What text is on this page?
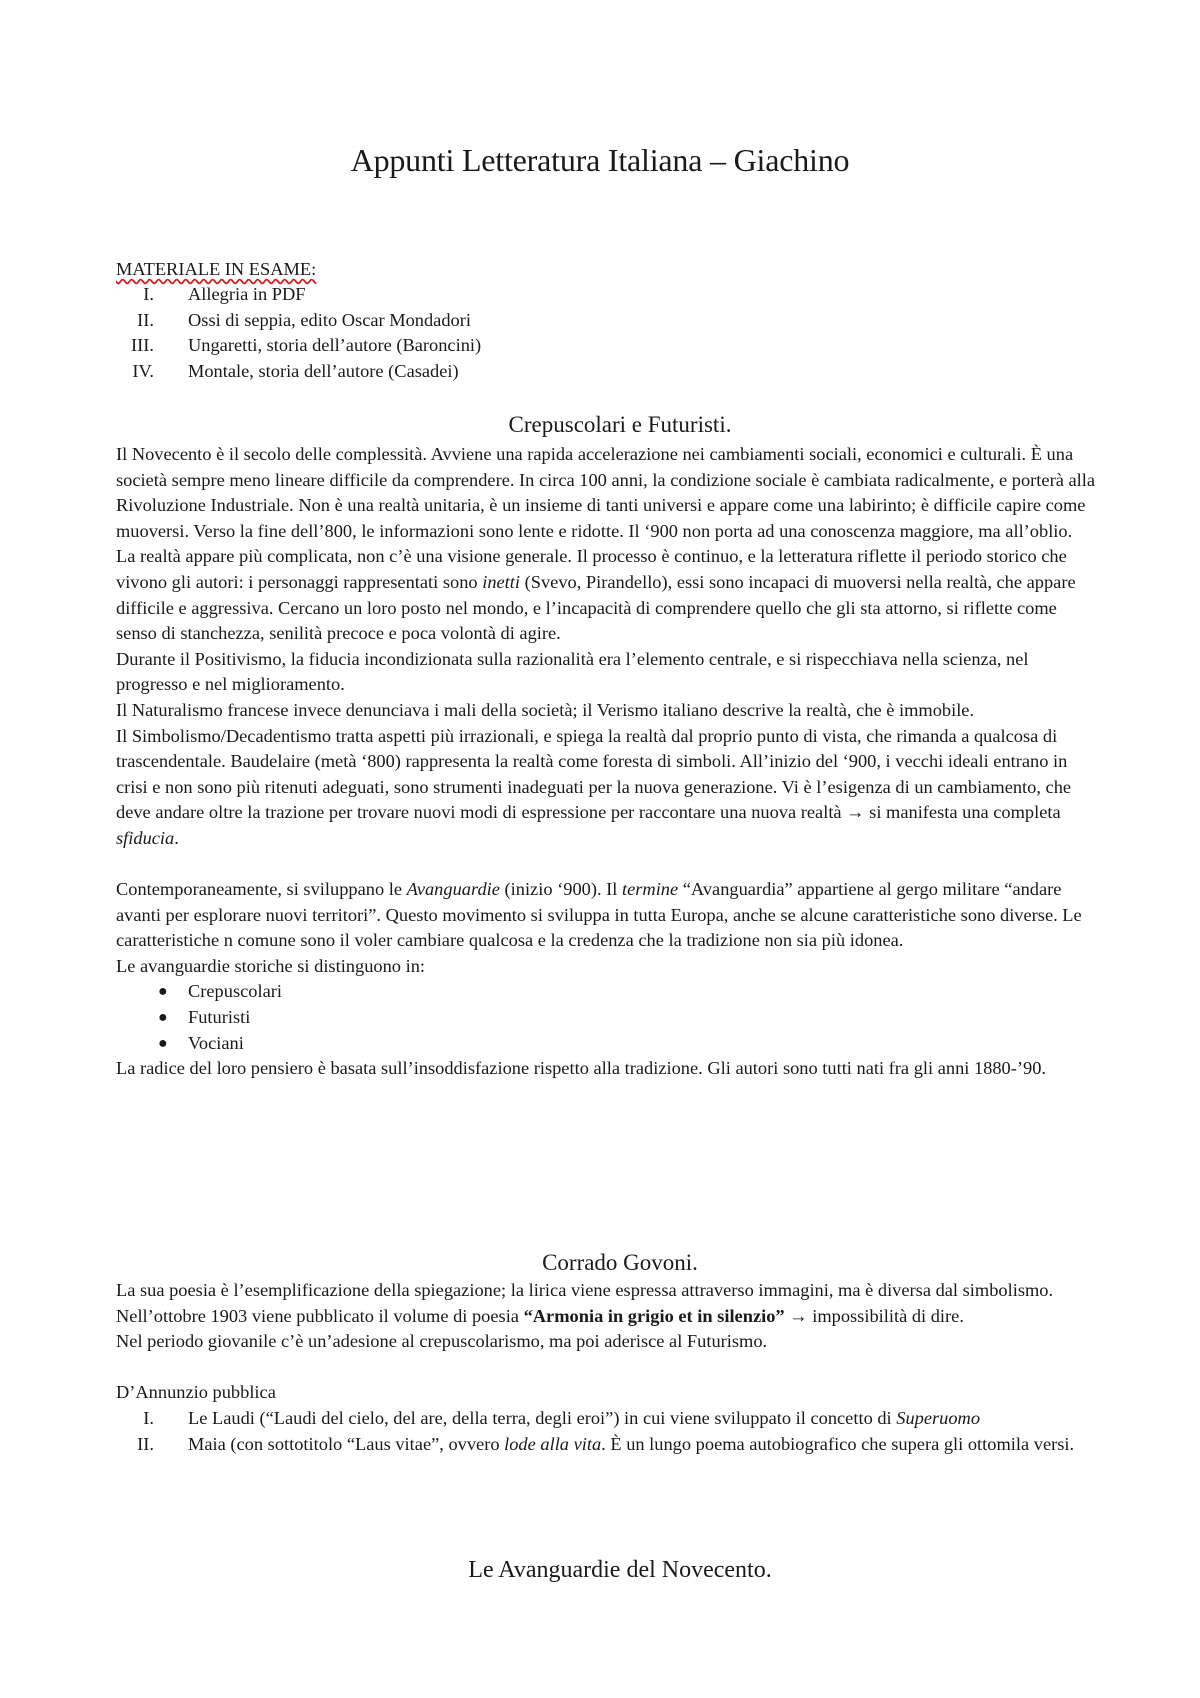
Appunti Letteratura Italiana – Giachino
MATERIALE IN ESAME:
I. Allegria in PDF
II. Ossi di seppia, edito Oscar Mondadori
III. Ungaretti, storia dell’autore (Baroncini)
IV. Montale, storia dell’autore (Casadei)
Crepuscolari e Futuristi.

Il Novecento è il secolo delle complessità. Avviene una rapida accelerazione nei cambiamenti sociali, economici e culturali. È una società sempre meno lineare difficile da comprendere. In circa 100 anni, la condizione sociale è cambiata radicalmente, e porterà alla Rivoluzione Industriale. Non è una realtà unitaria, è un insieme di tanti universi e appare come una labirinto; è difficile capire come muoversi. Verso la fine dell’800, le informazioni sono lente e ridotte. Il ‘900 non porta ad una conoscenza maggiore, ma all’oblio. La realtà appare più complicata, non c’è una visione generale. Il processo è continuo, e la letteratura riflette il periodo storico che vivono gli autori: i personaggi rappresentati sono inetti (Svevo, Pirandello), essi sono incapaci di muoversi nella realtà, che appare difficile e aggressiva. Cercano un loro posto nel mondo, e l’incapacità di comprendere quello che gli sta attorno, si riflette come senso di stanchezza, senilità precoce e poca volontà di agire.

Durante il Positivismo, la fiducia incondizionata sulla razionalità era l’elemento centrale, e si rispecchiava nella scienza, nel progresso e nel miglioramento.

Il Naturalismo francese invece denunciava i mali della società; il Verismo italiano descrive la realtà, che è immobile.

Il Simbolismo/Decadentismo tratta aspetti più irrazionali, e spiega la realtà dal proprio punto di vista, che rimanda a qualcosa di trascendentale. Baudelaire (metà ‘800) rappresenta la realtà come foresta di simboli. All’inizio del ‘900, i vecchi ideali entrano in crisi e non sono più ritenuti adeguati, sono strumenti inadeguati per la nuova generazione. Vi è l’esigenza di un cambiamento, che deve andare oltre la trazione per trovare nuovi modi di espressione per raccontare una nuova realtà → si manifesta una completa sfiducia.

Contemporaneamente, si sviluppano le Avanguardie (inizio ‘900). Il termine “Avanguardia” appartiene al gergo militare “andare avanti per esplorare nuovi territori”. Questo movimento si sviluppa in tutta Europa, anche se alcune caratteristiche sono diverse. Le caratteristiche n comune sono il voler cambiare qualcosa e la credenza che la tradizione non sia più idonea.

Le avanguardie storiche si distinguono in:

● Crepuscolari
● Futuristi
● Vociani

La radice del loro pensiero è basata sull’insoddisfazione rispetto alla tradizione. Gli autori sono tutti nati fra gli anni 1880-’90.

Corrado Govoni.

La sua poesia è l’esemplificazione della spiegazione; la lirica viene espressa attraverso immagini, ma è diversa dal simbolismo.

Nell’ottobre 1903 viene pubblicato il volume di poesia “Armonia in grigio et in silenzio” → impossibilità di dire.

Nel periodo giovanile c’è un’adesione al crepuscolarismo, ma poi aderisce al Futurismo.

D’Annunzio pubblica

I. Le Laudi (“Laudi del cielo, del are, della terra, degli eroi”) in cui viene sviluppato il concetto di Superuomo
II. Maia (con sottotitolo “Laus vitae”, ovvero lode alla vita. È un lungo poema autobiografico che supera gli ottomila versi.
Le Avanguardie del Novecento.
